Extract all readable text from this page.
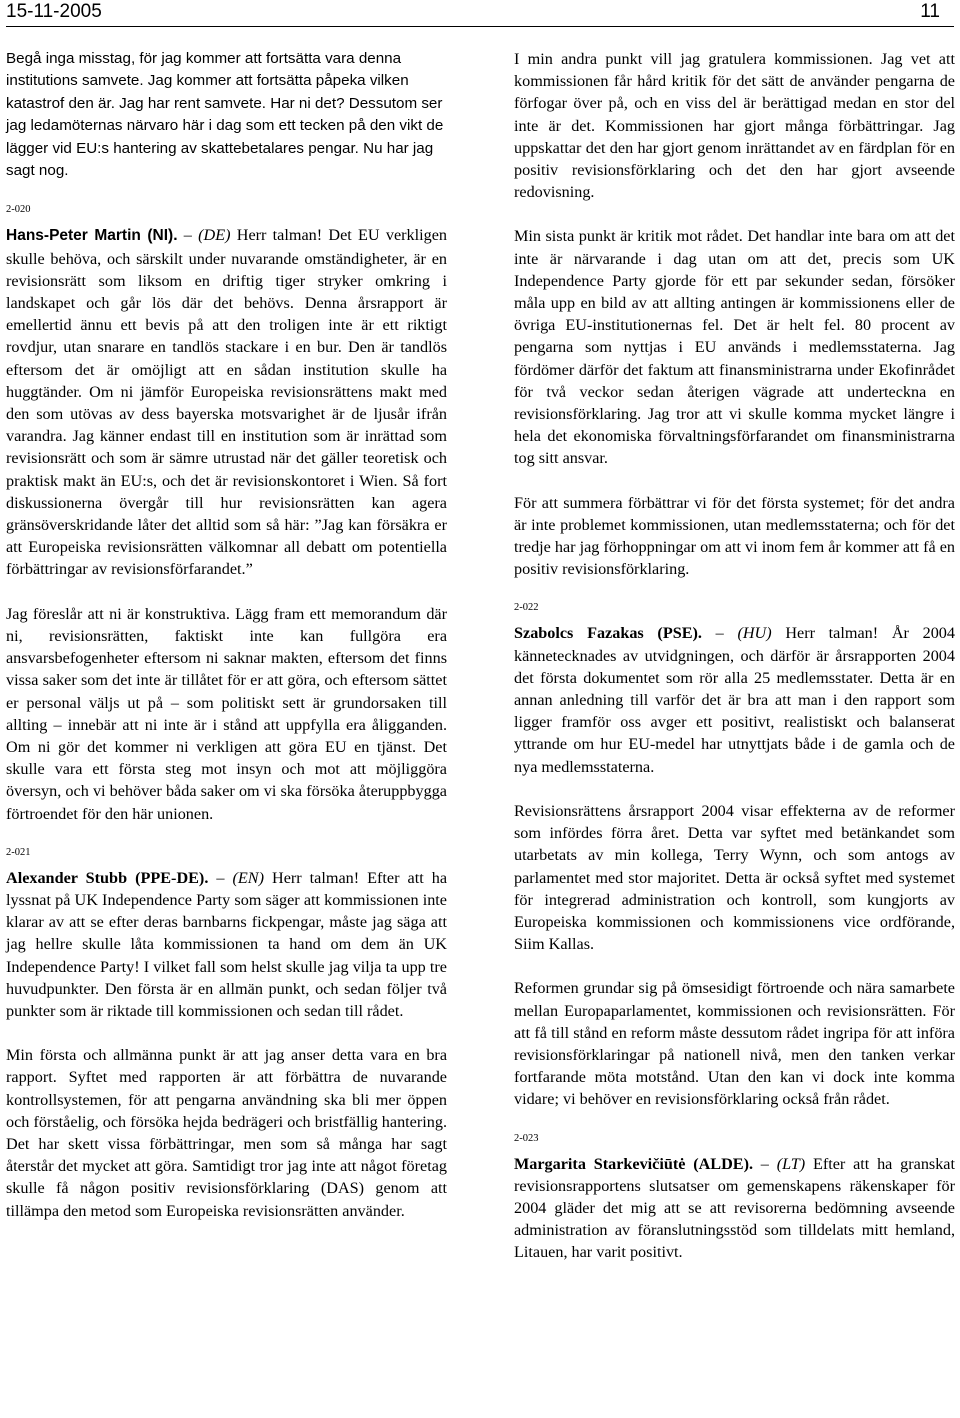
15-11-2005	11

Begå inga misstag, för jag kommer att fortsätta vara denna institutions samvete. Jag kommer att fortsätta påpeka vilken katastrof den är. Jag har rent samvete. Har ni det? Dessutom ser jag ledamöternas närvaro här i dag som ett tecken på den vikt de lägger vid EU:s hantering av skattebetalares pengar. Nu har jag sagt nog.

2-020

Hans-Peter Martin (NI). – (DE) Herr talman! Det EU verkligen skulle behöva, och särskilt under nuvarande omständigheter, är en revisionsrätt som liksom en driftig tiger stryker omkring i landskapet och går lös där det behövs. Denna årsrapport är emellertid ännu ett bevis på att den troligen inte är ett riktigt rovdjur, utan snarare en tandlös stackare i en bur. Den är tandlös eftersom det är omöjligt att en sådan institution skulle ha huggtänder. Om ni jämför Europeiska revisionsrättens makt med den som utövas av dess bayerska motsvarighet är de ljusår ifrån varandra. Jag känner endast till en institution som är inrättad som revisionsrätt och som är sämre utrustad när det gäller teoretisk och praktisk makt än EU:s, och det är revisionskontoret i Wien. Så fort diskussionerna övergår till hur revisionsrätten kan agera gränsöverskridande låter det alltid som så här: ”Jag kan försäkra er att Europeiska revisionsrätten välkomnar all debatt om potentiella förbättringar av revisionsförfarandet.”

Jag föreslår att ni är konstruktiva. Lägg fram ett memorandum där ni, revisionsrätten, faktiskt inte kan fullgöra era ansvarsbefogenheter eftersom ni saknar makten, eftersom det finns vissa saker som det inte är tillåtet för er att göra, och eftersom sättet er personal väljs ut på – som politiskt sett är grundorsaken till allting – innebär att ni inte är i stånd att uppfylla era åligganden. Om ni gör det kommer ni verkligen att göra EU en tjänst. Det skulle vara ett första steg mot insyn och mot att möjliggöra översyn, och vi behöver båda saker om vi ska försöka återuppbygga förtroendet för den här unionen.

2-021

Alexander Stubb (PPE-DE). – (EN) Herr talman! Efter att ha lyssnat på UK Independence Party som säger att kommissionen inte klarar av att se efter deras barnbarns fickpengar, måste jag säga att jag hellre skulle låta kommissionen ta hand om dem än UK Independence Party! I vilket fall som helst skulle jag vilja ta upp tre huvudpunkter. Den första är en allmän punkt, och sedan följer två punkter som är riktade till kommissionen och sedan till rådet.

Min första och allmänna punkt är att jag anser detta vara en bra rapport. Syftet med rapporten är att förbättra de nuvarande kontrollsystemen, för att pengarna användning ska bli mer öppen och förståelig, och försöka hejda bedrägeri och bristfällig hantering. Det har skett vissa förbättringar, men som så många har sagt återstår det mycket att göra. Samtidigt tror jag inte att något företag skulle få någon positiv revisionsförklaring (DAS) genom att tillämpa den metod som Europeiska revisionsrätten använder.

I min andra punkt vill jag gratulera kommissionen. Jag vet att kommissionen får hård kritik för det sätt de använder pengarna de förfogar över på, och en viss del är berättigad medan en stor del inte är det. Kommissionen har gjort många förbättringar. Jag uppskattar det den har gjort genom inrättandet av en färdplan för en positiv revisionsförklaring och det den har gjort avseende redovisning.

Min sista punkt är kritik mot rådet. Det handlar inte bara om att det inte är närvarande i dag utan om att det, precis som UK Independence Party gjorde för ett par sekunder sedan, försöker måla upp en bild av att allting antingen är kommissionens eller de övriga EU-institutionernas fel. Det är helt fel. 80 procent av pengarna som nyttjas i EU används i medlemsstaterna. Jag fördömer därför det faktum att finansministrarna under Ekofinrådet för två veckor sedan återigen vägrade att underteckna en revisionsförklaring. Jag tror att vi skulle komma mycket längre i hela det ekonomiska förvaltningsförfarandet om finansministrarna tog sitt ansvar.

För att summera förbättrar vi för det första systemet; för det andra är inte problemet kommissionen, utan medlemsstaterna; och för det tredje har jag förhoppningar om att vi inom fem år kommer att få en positiv revisionsförklaring.

2-022

Szabolcs Fazakas (PSE). – (HU) Herr talman! År 2004 kännetecknades av utvidgningen, och därför är årsrapporten 2004 det första dokumentet som rör alla 25 medlemsstater. Detta är en annan anledning till varför det är bra att man i den rapport som ligger framför oss avger ett positivt, realistiskt och balanserat yttrande om hur EU-medel har utnyttjats både i de gamla och de nya medlemsstaterna.

Revisionsrättens årsrapport 2004 visar effekterna av de reformer som infördes förra året. Detta var syftet med betänkandet som utarbetats av min kollega, Terry Wynn, och som antogs av parlamentet med stor majoritet. Detta är också syftet med systemet för integrerad administration och kontroll, som kungjorts av Europeiska kommissionen och kommissionens vice ordförande, Siim Kallas.

Reformen grundar sig på ömsesidigt förtroende och nära samarbete mellan Europaparlamentet, kommissionen och revisionsrätten. För att få till stånd en reform måste dessutom rådet ingripa för att införa revisionsförklaringar på nationell nivå, men den tanken verkar fortfarande möta motstånd. Utan den kan vi dock inte komma vidare; vi behöver en revisionsförklaring också från rådet.

2-023

Margarita Starkevičiūtė (ALDE). – (LT) Efter att ha granskat revisionsrapportens slutsatser om gemenskapens räkenskaper för 2004 gläder det mig att se att revisorerna bedömning avseende administration av föranslutningsstöd som tilldelats mitt hemland, Litauen, har varit positivt.
